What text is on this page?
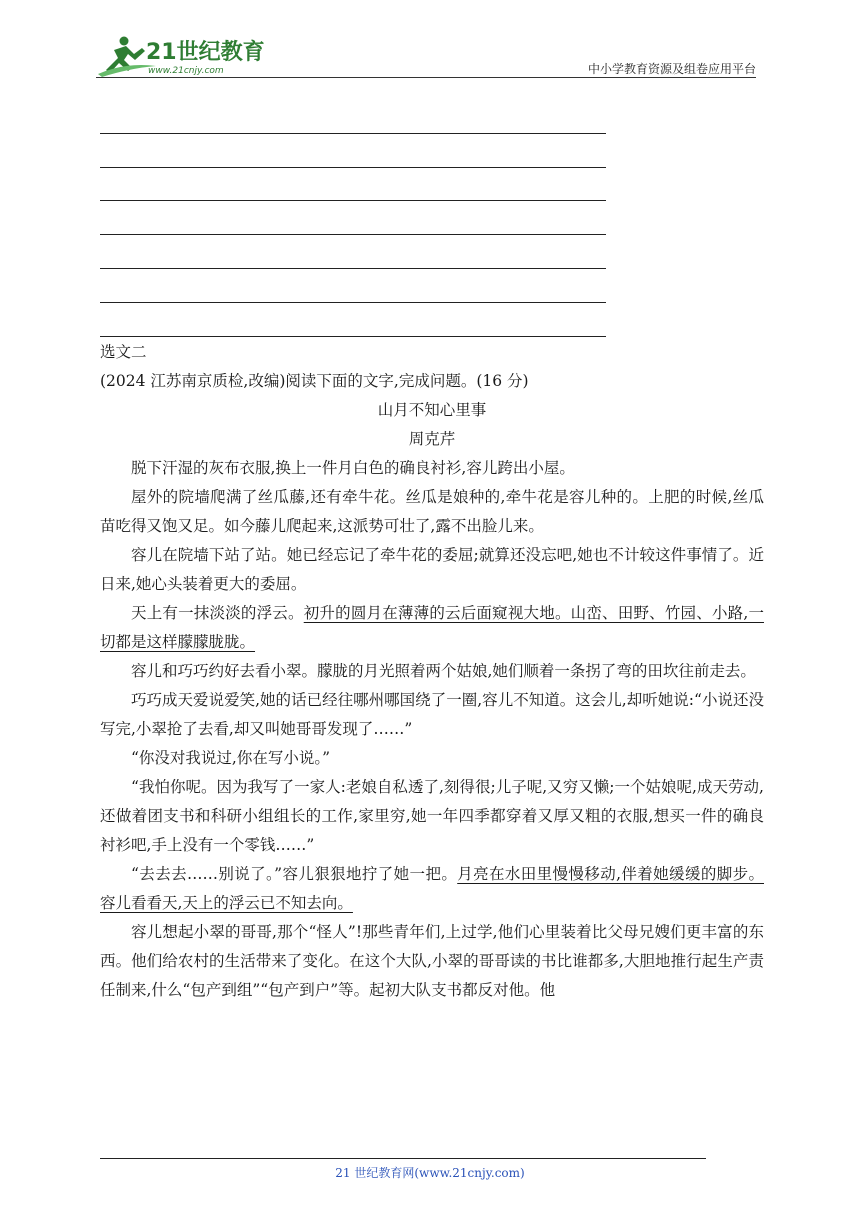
21世纪教育
www.21cnjy.com	中小学教育资源及组卷应用平台

选文二

(2024 江苏南京质检,改编)阅读下面的文字,完成问题。(16 分)

山月不知心里事

周克芹

脱下汗湿的灰布衣服,换上一件月白色的确良衬衫,容儿跨出小屋。

屋外的院墙爬满了丝瓜藤,还有牵牛花。丝瓜是娘种的,牵牛花是容儿种的。上肥的时候,丝瓜苗吃得又饱又足。如今藤儿爬起来,这派势可壮了,露不出脸儿来。

容儿在院墙下站了站。她已经忘记了牵牛花的委屈;就算还没忘吧,她也不计较这件事情了。近日来,她心头装着更大的委屈。

天上有一抹淡淡的浮云。初升的圆月在薄薄的云后面窥视大地。山峦、田野、竹园、小路,一切都是这样朦朦胧胧。

容儿和巧巧约好去看小翠。朦胧的月光照着两个姑娘,她们顺着一条拐了弯的田坎往前走去。

巧巧成天爱说爱笑,她的话已经往哪州哪国绕了一圈,容儿不知道。这会儿,却听她说:“小说还没写完,小翠抢了去看,却又叫她哥哥发现了……”

“你没对我说过,你在写小说。”

“我怕你呢。因为我写了一家人:老娘自私透了,刻得很;儿子呢,又穷又懒;一个姑娘呢,成天劳动,还做着团支书和科研小组组长的工作,家里穷,她一年四季都穿着又厚又粗的衣服,想买一件的确良衬衫吧,手上没有一个零钱……”

“去去去……别说了。”容儿狠狠地拧了她一把。月亮在水田里慢慢移动,伴着她缓缓的脚步。容儿看看天,天上的浮云已不知去向。

容儿想起小翠的哥哥,那个“怪人”!那些青年们,上过学,他们心里装着比父母兄嫂们更丰富的东西。他们给农村的生活带来了变化。在这个大队,小翠的哥哥读的书比谁都多,大胆地推行起生产责任制来,什么“包产到组”“包产到户”等。起初大队支书都反对他。他

21 世纪教育网(www.21cnjy.com)
